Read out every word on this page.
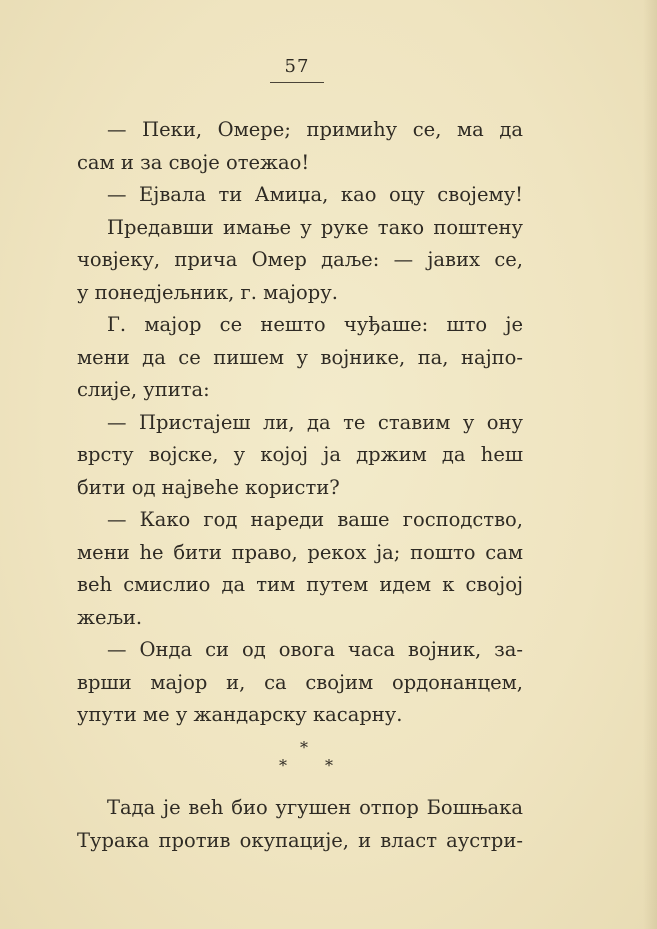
57
— Пеки, Омере; примиһу се, ма да
сам и за своје отежао!
— Ејвала ти Амиџа, као оцу своjему!
Предавши имање у руке тако поштену
човјеку, прича Омер даље: — јавих се,
у понедјељник, г. мајору.
Г. мајор се нешто чуђаше: што је
мени да се пишем у војнике, па, најпо-
слије, упита:
— Пристајеш ли, да те ставим у ону
врсту војске, у којој ја држим да һеш
бити од највеһе користи?
— Како год нареди ваше господство,
мени һе бити право, рекох ја; пошто сам
веһ смислио да тим путем идем к својој
жељи.
— Онда си од овога часа војник, за-
врши мајор и, са својим ордонанцем,
упути ме у жандарску касарну.
*
* *
Тада је веһ био угушен отпор Бошњака
Турака против окупације, и власт аустри-
